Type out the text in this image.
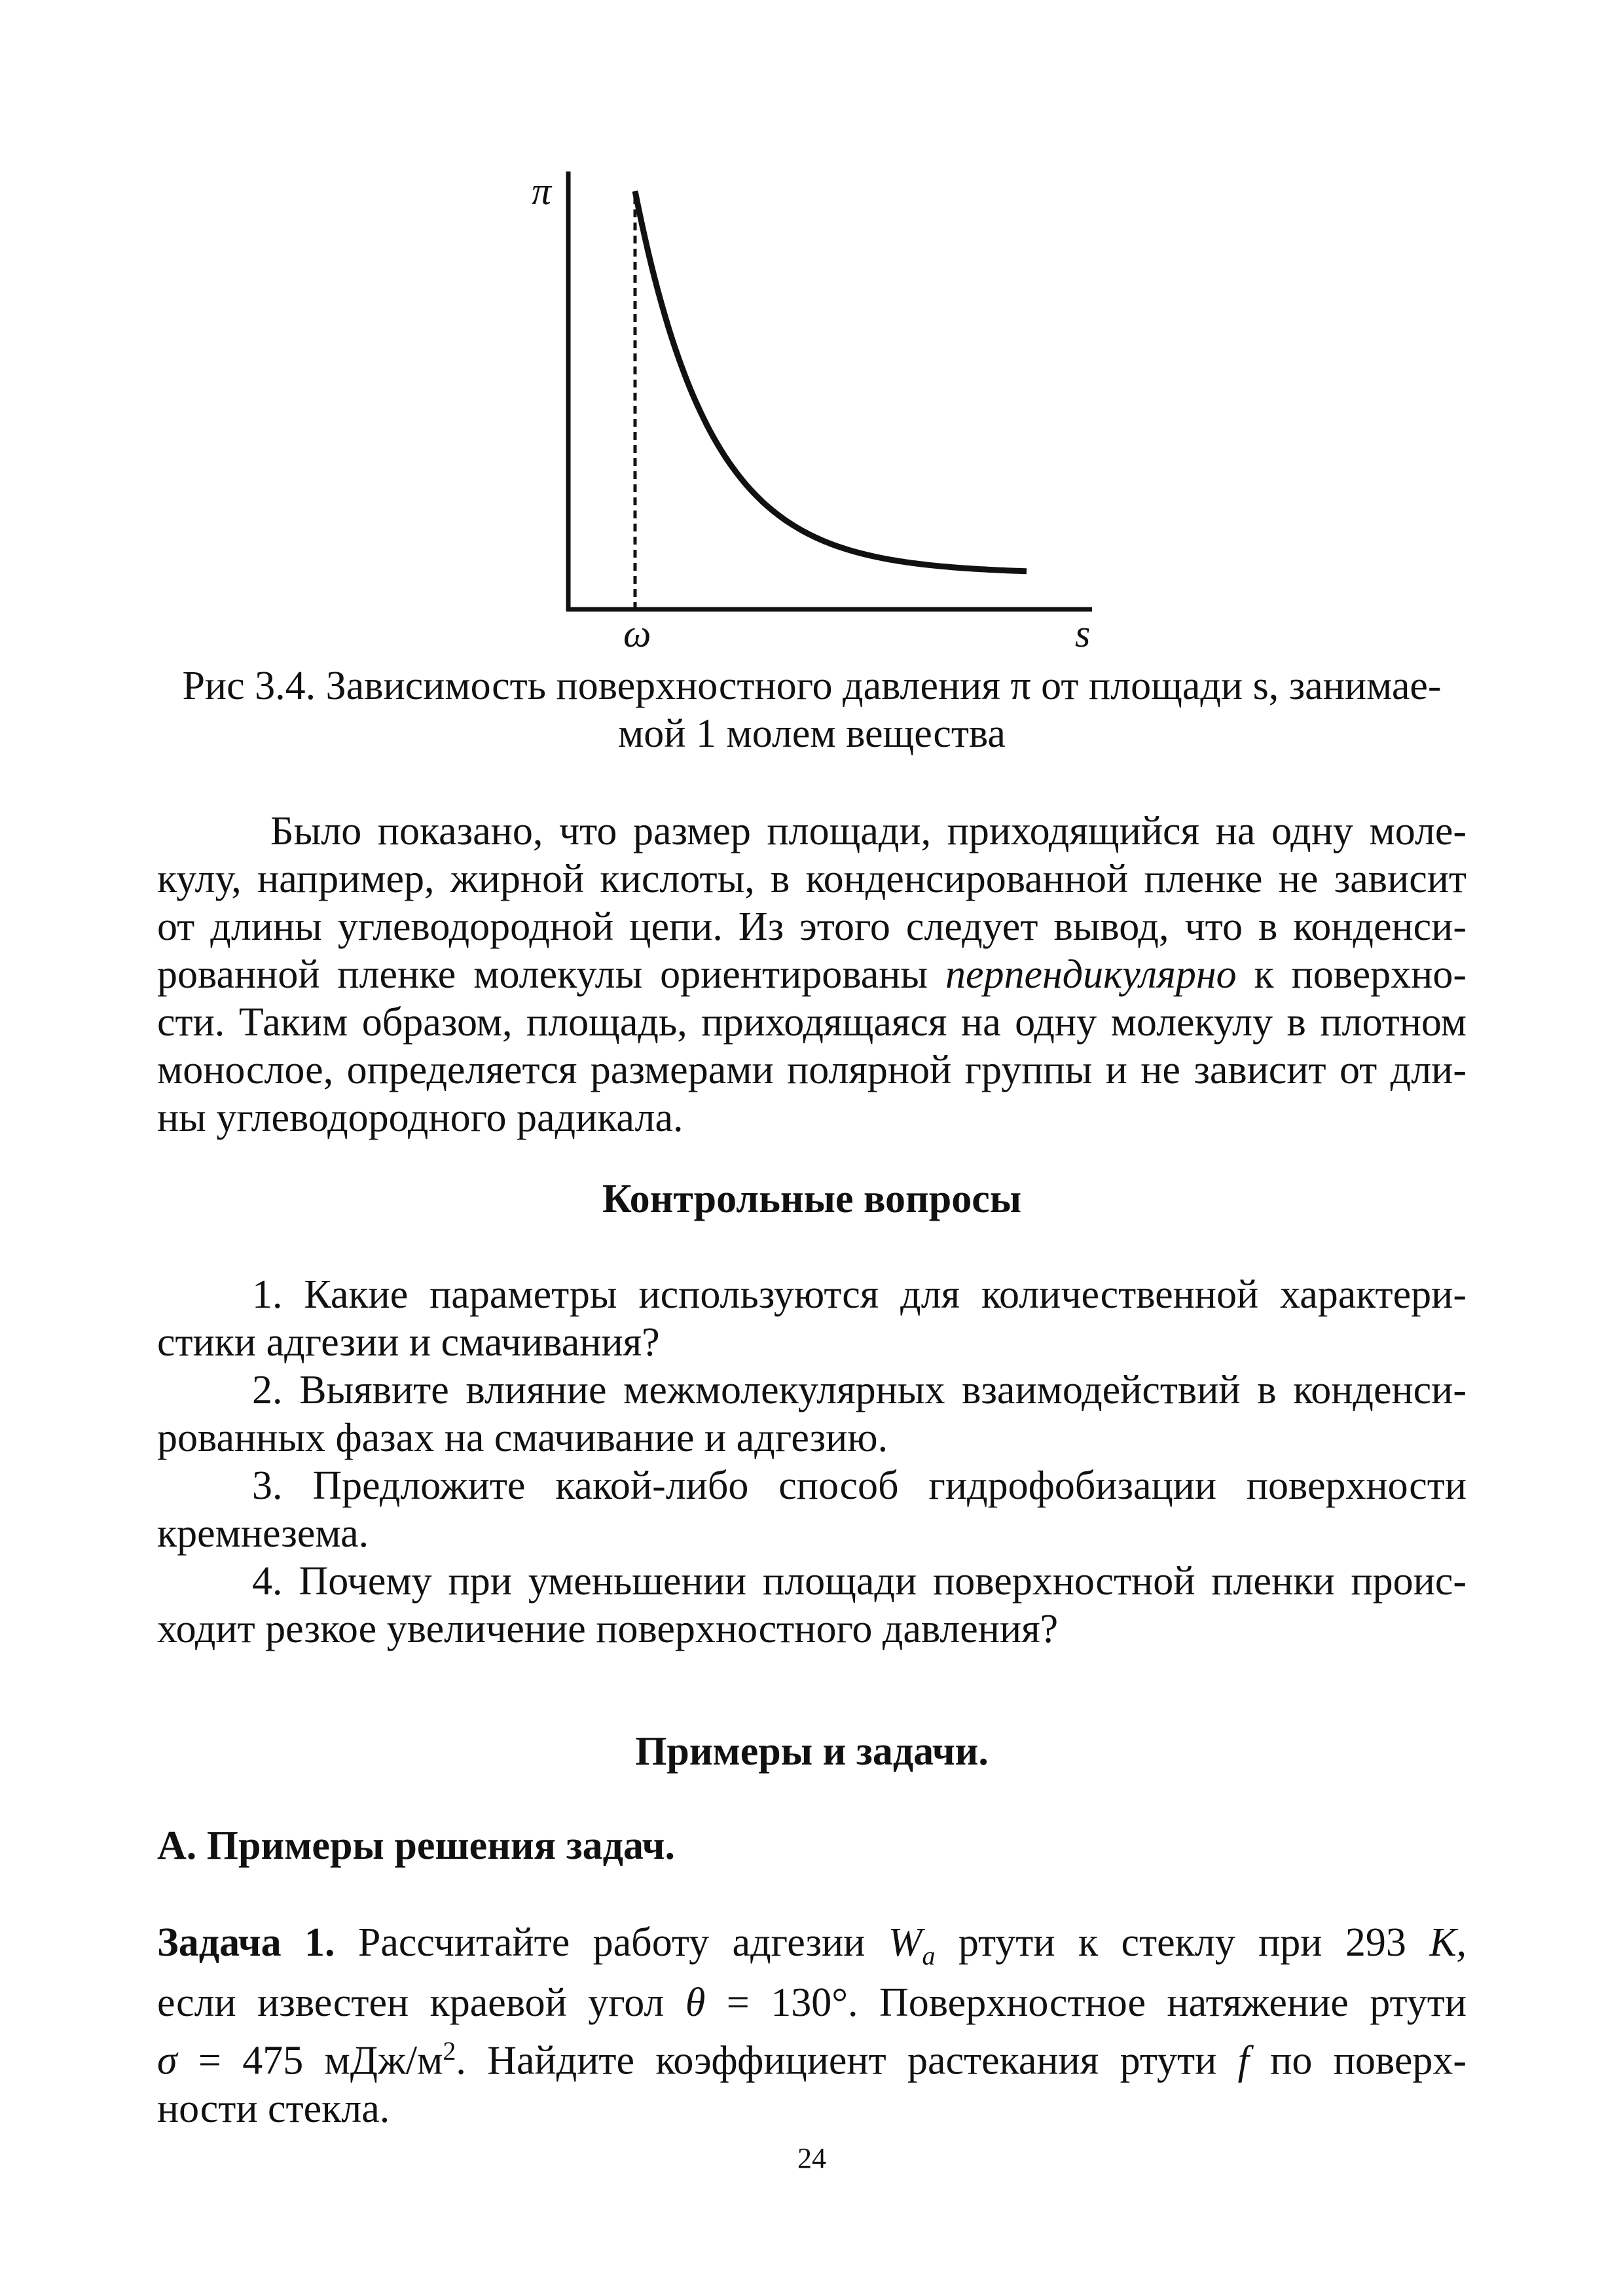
π
s
ω
Рис 3.4. Зависимость поверхностного давления π от площади s, занимае-
мой 1 молем вещества
Было показано, что размер площади, приходящийся на одну моле-
кулу, например, жирной кислоты, в конденсированной пленке не зависит
от длины углеводородной цепи. Из этого следует вывод, что в конденси-
рованной пленке молекулы ориентированы перпендикулярно к поверхно-
сти. Таким образом, площадь, приходящаяся на одну молекулу в плотном
монослое, определяется размерами полярной группы и не зависит от дли-
ны углеводородного радикала.
Контрольные вопросы
1. Какие параметры используются для количественной характери-
стики адгезии и смачивания?
2. Выявите влияние межмолекулярных взаимодействий в конденси-
рованных фазах на смачивание и адгезию.
3. Предложите какой-либо способ гидрофобизации поверхности
кремнезема.
4. Почему при уменьшении площади поверхностной пленки проис-
ходит резкое увеличение поверхностного давления?
Примеры и задачи.
А. Примеры решения задач.
Задача 1. Рассчитайте работу адгезии $W_a$ ртути к стеклу при 293 К,
если известен краевой угол θ = 130°. Поверхностное натяжение ртути
σ = 475 мДж/$м^2$. Найдите коэффициент растекания ртути f по поверх-
ности стекла.
24
